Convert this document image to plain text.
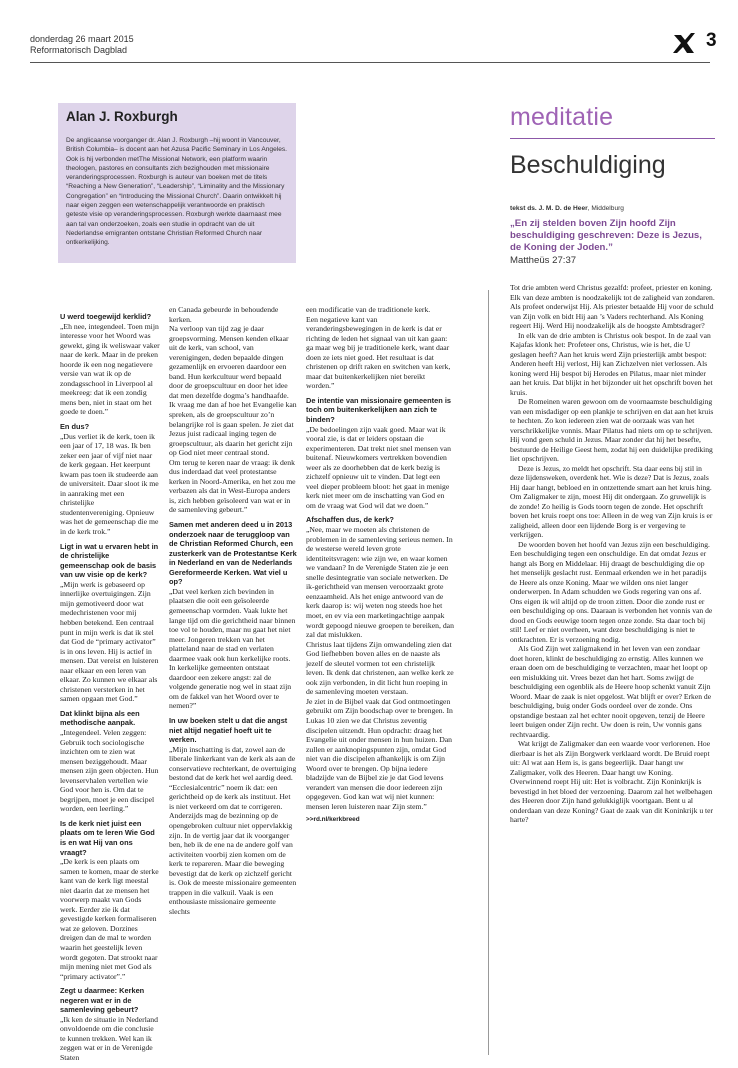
donderdag 26 maart 2015
Reformatorisch Dagblad	3
Alan J. Roxburgh

De anglicaanse voorganger dr. Alan J. Roxburgh –hij woont in Vancouver, British Columbia– is docent aan het Azusa Pacific Seminary in Los Angeles. Ook is hij verbonden metThe Missional Network, een platform waarin theologen, pastores en consultants zich bezighouden met missionaire veranderingsprocessen. Roxburgh is auteur van boeken met de titels “Reaching a New Generation”, “Leadership”, “Liminality and the Missionary Congregation” en “Introducing the Missional Church”. Daarin ontwikkelt hij naar eigen zeggen een wetenschappelijk verantwoorde en praktisch geteste visie op veranderingsprocessen. Roxburgh werkte daarnaast mee aan tal van onderzoeken, zoals een studie in opdracht van de uit Nederlandse emigranten ontstane Christian Reformed Church naar ontkerkelijking.

meditatie
Beschuldiging
tekst ds. J. M. D. de Heer, Middelburg
„En zij stelden boven Zijn hoofd Zijn beschuldiging geschreven: Deze is Jezus, de Koning der Joden.”
Mattheüs 27:37
U werd toegewijd kerklid?
„Eh nee, integendeel. Toen mijn interesse voor het Woord was gewekt, ging ik weliswaar vaker naar de kerk. Maar in de preken hoorde ik een nog negatievere versie van wat ik op de zondagsschool in Liverpool al meekreeg: dat ik een zondig mens ben, niet in staat om het goede te doen.”
En dus?
„Dus verliet ik de kerk, toen ik een jaar of 17, 18 was. Ik ben zeker een jaar of vijf niet naar de kerk gegaan. Het keerpunt kwam pas toen ik studeerde aan de universiteit. Daar sloot ik me in aanraking met een christelijke studentenvereniging. Opnieuw was het de gemeenschap die me in de kerk trok.”
Ligt in wat u ervaren hebt in de christelijke gemeenschap ook de basis van uw visie op de kerk?
„Mijn werk is gebaseerd op innerlijke overtuigingen. Zijn mijn gemotiveerd door wat medechristenen voor mij hebben betekend. Een centraal punt in mijn werk is dat ik stel dat God de “primary activator” is in ons leven. Hij is actief in mensen. Dat vereist en luisteren naar elkaar en een leren van elkaar. Zo kunnen we elkaar als christenen versterken in het samen opgaan met God.”
Dat klinkt bijna als een methodische aanpak.
„Integendeel. Velen zeggen: Gebruik toch sociologische inzichten om te zien wat mensen beziggehoudt. Maar mensen zijn geen objecten. Hun levenservhalen vertellen wie God voor hen is. Om dat te begrijpen, moet je een discipel worden, een leerling.”
Is de kerk niet juist een plaats om te leren Wie God is en wat Hij van ons vraagt?
„De kerk is een plaats om samen te komen, maar de sterke kant van de kerk ligt meestal niet daarin dat ze mensen het voorwerp maakt van Gods werk. Eerder zie ik dat gevestigde kerken formaliseren wat ze geloven. Dorzines dreigen dan de mal te worden waarin het geestelijk leven wordt gegoten. Dat strookt naar mijn mening niet met God als “primary activator”.”
Zegt u daarmee: Kerken negeren wat er in de samenleving gebeurt?
„Ik ken de situatie in Nederland onvoldoende om die conclusie te kunnen trekken. Wel kan ik zeggen wat er in de Verenigde Staten
en Canada gebeurde in behoudende kerken.
Na verloop van tijd zag je daar groepsvorming. Mensen kenden elkaar uit de kerk, van school, van verenigingen, deden bepaalde dingen gezamenlijk en ervoeren daardoor een band. Hun kerkcultuur werd bepaald door de groepscultuur en door het idee dat men dezelfde dogma’s handhaafde. Ik vraag me dan af hoe het Evangelie kan spreken, als de groepscultuur zo’n belangrijke rol is gaan spelen. Je ziet dat Jezus juist radicaal inging tegen de groepscultuur, als daarin het gericht zijn op God niet meer centraal stond.
Om terug te keren naar de vraag: ik denk dus inderdaad dat veel protestantse kerken in Noord-Amerika, en het zou me verbazen als dat in West-Europa anders is, zich hebben geïsoleerd van wat er in de samenleving gebeurt.”
Samen met anderen deed u in 2013 onderzoek naar de teruggloop van de Christian Reformed Church, een zusterkerk van de Protestantse Kerk in Nederland en van de Nederlands Gereformeerde Kerken. Wat viel u op?
„Dat veel kerken zich bevinden in plaatsen die ooit een geïsoleerde gemeenschap vormden. Vaak lukte het lange tijd om die gerichtheid naar binnen toe vol te houden, maar nu gaat het niet meer. Jongeren trekken van het platteland naar de stad en verlaten daarmee vaak ook hun kerkelijke roots. In kerkelijke gemeenten ontstaat daardoor een zekere angst: zal de volgende generatie nog wel in staat zijn om de fakkel van het Woord over te nemen?”
In uw boeken stelt u dat die angst niet altijd negatief hoeft uit te werken.
„Mijn inschatting is dat, zowel aan de liberale linkerkant van de kerk als aan de conservatieve rechterkant, de overtuiging bestond dat de kerk het wel aardig deed. “Ecclesialcentric” noem ik dat: een gerichtheid op de kerk als instituut. Het is niet verkeerd om dat te corrigeren.
Anderzijds mag de bezinning op de opengebroken cultuur niet oppervlakkig zijn. In de vertig jaar dat ik voorganger ben, heb ik de ene na de andere golf van activiteiten voorbij zien komen om de kerk te repareren. Maar die beweging bevestigt dat de kerk op zichzelf gericht is. Ook de meeste missionaire gemeenten trappen in die valkuil. Vaak is een enthousiaste missionaire gemeente slechts
een modificatie van de traditionele kerk.
Een negatieve kant van veranderingsbewegingen in de kerk is dat er richting de leden het signaal van uit kan gaan: ga maar weg bij je traditionele kerk, want daar doen ze iets niet goed. Het resultaat is dat christenen op drift raken en switchen van kerk, maar dat buitenkerkelijken niet bereikt worden.”
De intentie van missionaire gemeenten is toch om buitenkerkelijken aan zich te binden?
„De bedoelingen zijn vaak goed. Maar wat ik vooral zie, is dat er leiders opstaan die experimenteren. Dat trekt niet snel mensen van buitenaf. Nieuwkomers vertrekken bovendien weer als ze doorhebben dat de kerk bezig is zichzelf opnieuw uit te vinden. Dat legt een veel dieper probleem bloot: het gaat in menige kerk niet meer om de inschatting van God en om de vraag wat God wil dat we doen.”
Afschaffen dus, de kerk?
„Nee, maar we moeten als christenen de problemen in de samenleving serieus nemen. In de westerse wereld leven grote identiteitsvragen: wie zijn we, en waar komen we vandaan? In de Verenigde Staten zie je een snelle desintegratie van sociale netwerken. De ik-gerichtheid van mensen veroorzaakt grote eenzaamheid. Als het enige antwoord van de kerk daarop is: wij weten nog steeds hoe het moet, en ev via een marketingachtige aanpak wordt gepoogd nieuwe groepen te bereiken, dan zal dat mislukken.
Christus laat tijdens Zijn omwandeling zien dat God liefhebben boven alles en de naaste als jezelf de sleutel vormen tot een christelijk leven. Ik denk dat christenen, aan welke kerk ze ook zijn verbonden, in dit licht hun roeping in de samenleving moeten verstaan.
Je ziet in de Bijbel vaak dat God ontmoetingen gebruikt om Zijn boodschap over te brengen. In Lukas 10 zien we dat Christus zeventig discipelen uitzendt. Hun opdracht: draag het Evangelie uit onder mensen in hun huizen. Dan zullen er aanknopingspunten zijn, omdat God niet van die discipelen afhankelijk is om Zijn Woord over te brengen. Op bijna iedere bladzijde van de Bijbel zie je dat God levens verandert van mensen die door iedereen zijn opgegeven. God kan wat wij niet kunnen: mensen leren luisteren naar Zijn stem.”
>>rd.nl/kerkbreed

Tot drie ambten werd Christus gezalfd: profeet, priester en koning. Elk van deze ambten is noodzakelijk tot de zaligheid van zondaren. Als profeet onderwijst Hij. Als priester betaalde Hij voor de schuld van Zijn volk en bidt Hij aan ’s Vaders rechterhand. Als Koning regeert Hij. Werd Hij noodzakelijk als de hoogste Ambtsdrager?

In elk van de drie ambten is Christus ook bespot. In de zaal van Kajafas klonk het: Profeteer ons, Christus, wie is het, die U geslagen heeft? Aan het kruis werd Zijn priesterlijk ambt bespot: Anderen heeft Hij verlost, Hij kan Zichzelven niet verlossen. Als koning werd Hij bespot bij Herodes en Pilatus, maar niet minder aan het kruis. Dat blijkt in het bijzonder uit het opschrift boven het kruis.

De Romeinen waren gewoon om de voornaamste beschuldiging van een misdadiger op een plankje te schrijven en dat aan het kruis te hechten. Zo kon iedereen zien wat de oorzaak was van het verschrikkelijke vonnis. Maar Pilatus had niets om op te schrijven. Hij vond geen schuld in Jezus. Maar zonder dat hij het besefte, bestuurde de Heilige Geest hem, zodat hij een duidelijke prediking liet opschrijven.

Deze is Jezus, zo meldt het opschrift. Sta daar eens bij stil in deze lijdensweken, overdenk het. Wie is deze? Dat is Jezus, zoals Hij daar hangt, bebloed en in ontzettende smart aan het kruis hing. Om Zaligmaker te zijn, moest Hij dit ondergaan. Zo gruwelijk is de zonde! Zo heilig is Gods toorn tegen de zonde. Het opschrift boven het kruis roept ons toe: Alleen in de weg van Zijn kruis is er zaligheid, alleen door een lijdende Borg is er vergeving te verkrijgen.

De woorden boven het hoofd van Jezus zijn een beschuldiging. Een beschuldiging tegen een onschuldige. En dat omdat Jezus er hangt als Borg en Middelaar. Hij draagt de beschuldiging die op het menselijk geslacht rust. Eenmaal erkenden we in het paradijs de Heere als onze Koning. Maar we wilden ons niet langer onderwerpen. In Adam schudden we Gods regering van ons af. Ons eigen ik wil altijd op de troon zitten. Door die zonde rust er een beschuldiging op ons. Daaraan is verbonden het vonnis van de dood en Gods eeuwige toorn tegen onze zonde. Sta daar toch bij stil! Leef er niet overheen, want deze beschuldiging is niet te ontkrachten. Er is verzoening nodig.

Als God Zijn wet zaligmakend in het leven van een zondaar doet horen, klinkt de beschuldiging zo ernstig. Alles kunnen we eraan doen om de beschuldiging te verzachten, maar het loopt op een mislukking uit. Vrees bezet dan het hart. Soms zwijgt de beschuldiging een ogenblik als de Heere hoop schenkt vanuit Zijn Woord. Maar de zaak is niet opgelost. Wat blijft er over? Erken de beschuldiging, buig onder Gods oordeel over de zonde. Ons opstandige bestaan zal het echter nooit opgeven, tenzij de Heere leert buigen onder Zijn recht. Uw doen is rein, Uw vonnis gans rechtvaardig.

Wat krijgt de Zaligmaker dan een waarde voor verlorenen. Hoe dierbaar is het als Zijn Borgwerk verklaard wordt. De Bruid roept uit: Al wat aan Hem is, is gans begeerlijk. Daar hangt uw Zaligmaker, volk des Heeren. Daar hangt uw Koning. Overwinnend roept Hij uit: Het is volbracht. Zijn Koninkrijk is bevestigd in het bloed der verzoening. Daarom zal het welbehagen des Heeren door Zijn hand gelukkiglijk voortgaan. Bent u al onderdaan van deze Koning? Gaat de zaak van dit Koninkrijk u ter harte?
